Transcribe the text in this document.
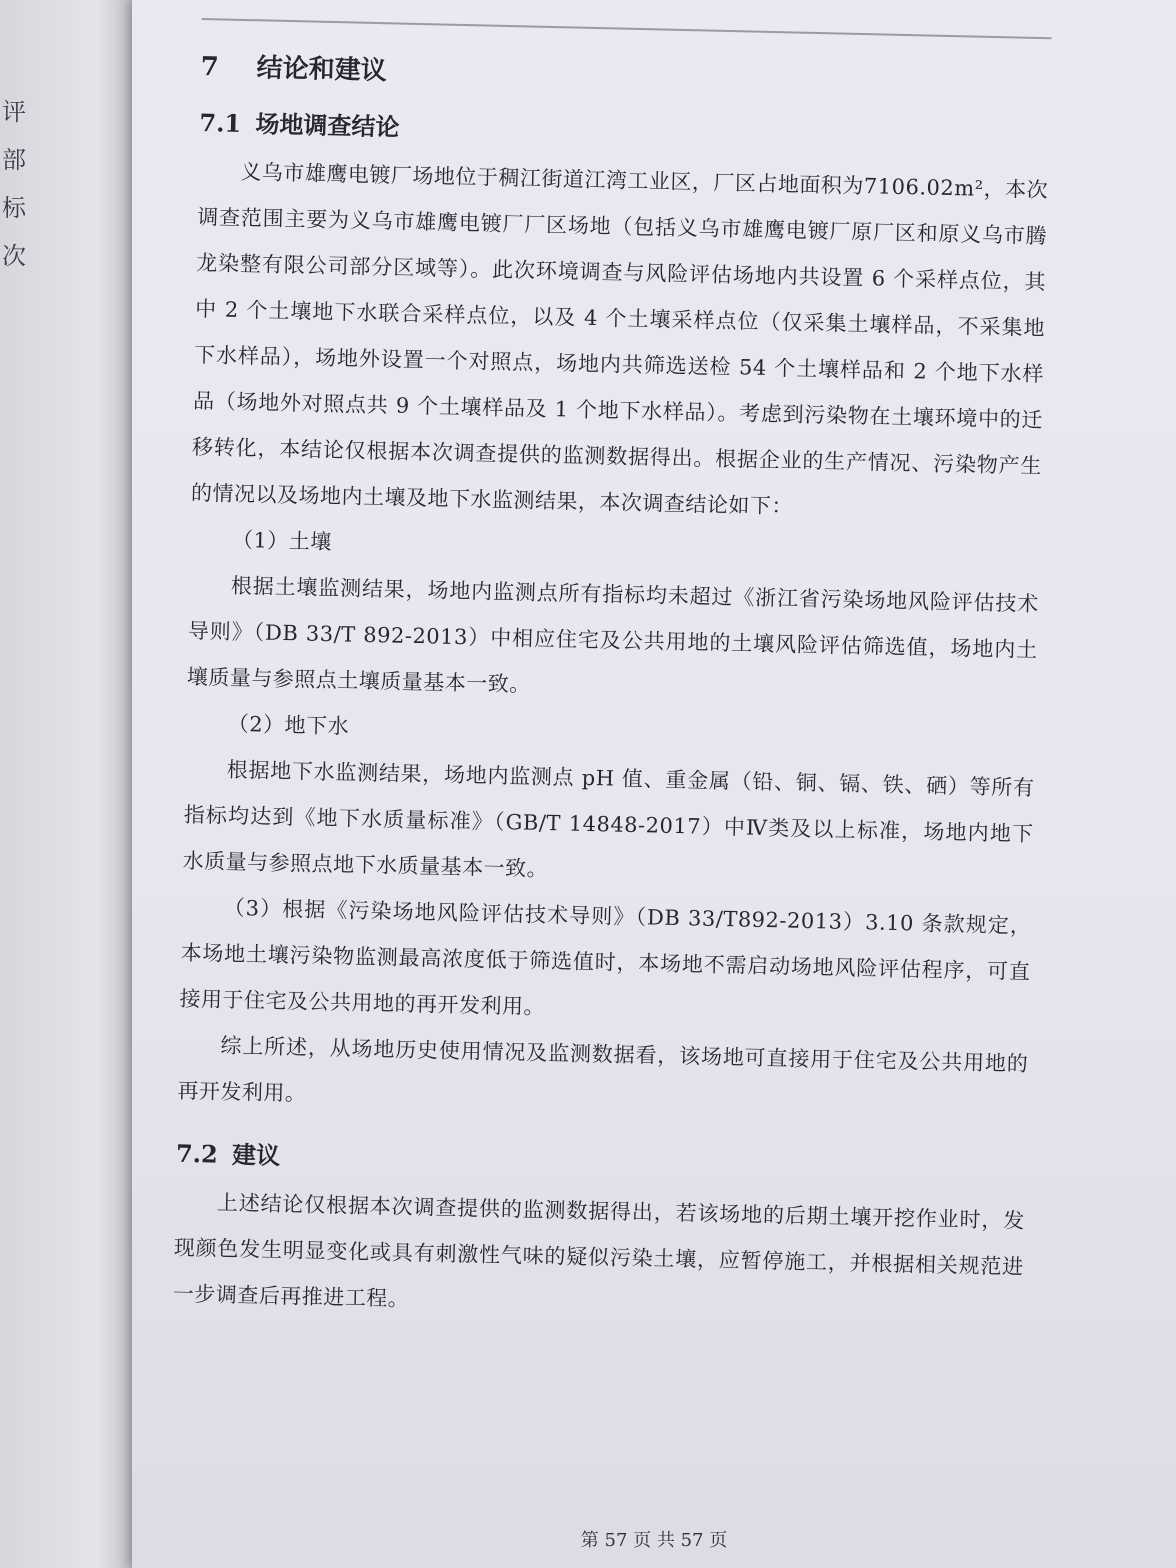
评
部
标
次
7 结论和建议
7.1 场地调查结论

义乌市雄鹰电镀厂场地位于稠江街道江湾工业区，厂区占地面积为7106.02m²，本次调查范围主要为义乌市雄鹰电镀厂厂区场地（包括义乌市雄鹰电镀厂原厂区和原义乌市腾龙染整有限公司部分区域等）。此次环境调查与风险评估场地内共设置 6 个采样点位，其中 2 个土壤地下水联合采样点位，以及 4 个土壤采样点位（仅采集土壤样品，不采集地下水样品），场地外设置一个对照点，场地内共筛选送检 54 个土壤样品和 2 个地下水样品（场地外对照点共 9 个土壤样品及 1 个地下水样品）。考虑到污染物在土壤环境中的迁移转化，本结论仅根据本次调查提供的监测数据得出。根据企业的生产情况、污染物产生的情况以及场地内土壤及地下水监测结果，本次调查结论如下：

（1）土壤

根据土壤监测结果，场地内监测点所有指标均未超过《浙江省污染场地风险评估技术导则》（DB 33/T 892-2013）中相应住宅及公共用地的土壤风险评估筛选值，场地内土壤质量与参照点土壤质量基本一致。

（2）地下水

根据地下水监测结果，场地内监测点 pH 值、重金属（铅、铜、镉、铁、硒）等所有指标均达到《地下水质量标准》（GB/T 14848-2017）中Ⅳ类及以上标准，场地内地下水质量与参照点地下水质量基本一致。

（3）根据《污染场地风险评估技术导则》（DB 33/T892-2013）3.10 条款规定，本场地土壤污染物监测最高浓度低于筛选值时，本场地不需启动场地风险评估程序，可直接用于住宅及公共用地的再开发利用。

综上所述，从场地历史使用情况及监测数据看，该场地可直接用于住宅及公共用地的再开发利用。

7.2 建议

上述结论仅根据本次调查提供的监测数据得出，若该场地的后期土壤开挖作业时，发现颜色发生明显变化或具有刺激性气味的疑似污染土壤，应暂停施工，并根据相关规范进一步调查后再推进工程。

第 57 页 共 57 页
